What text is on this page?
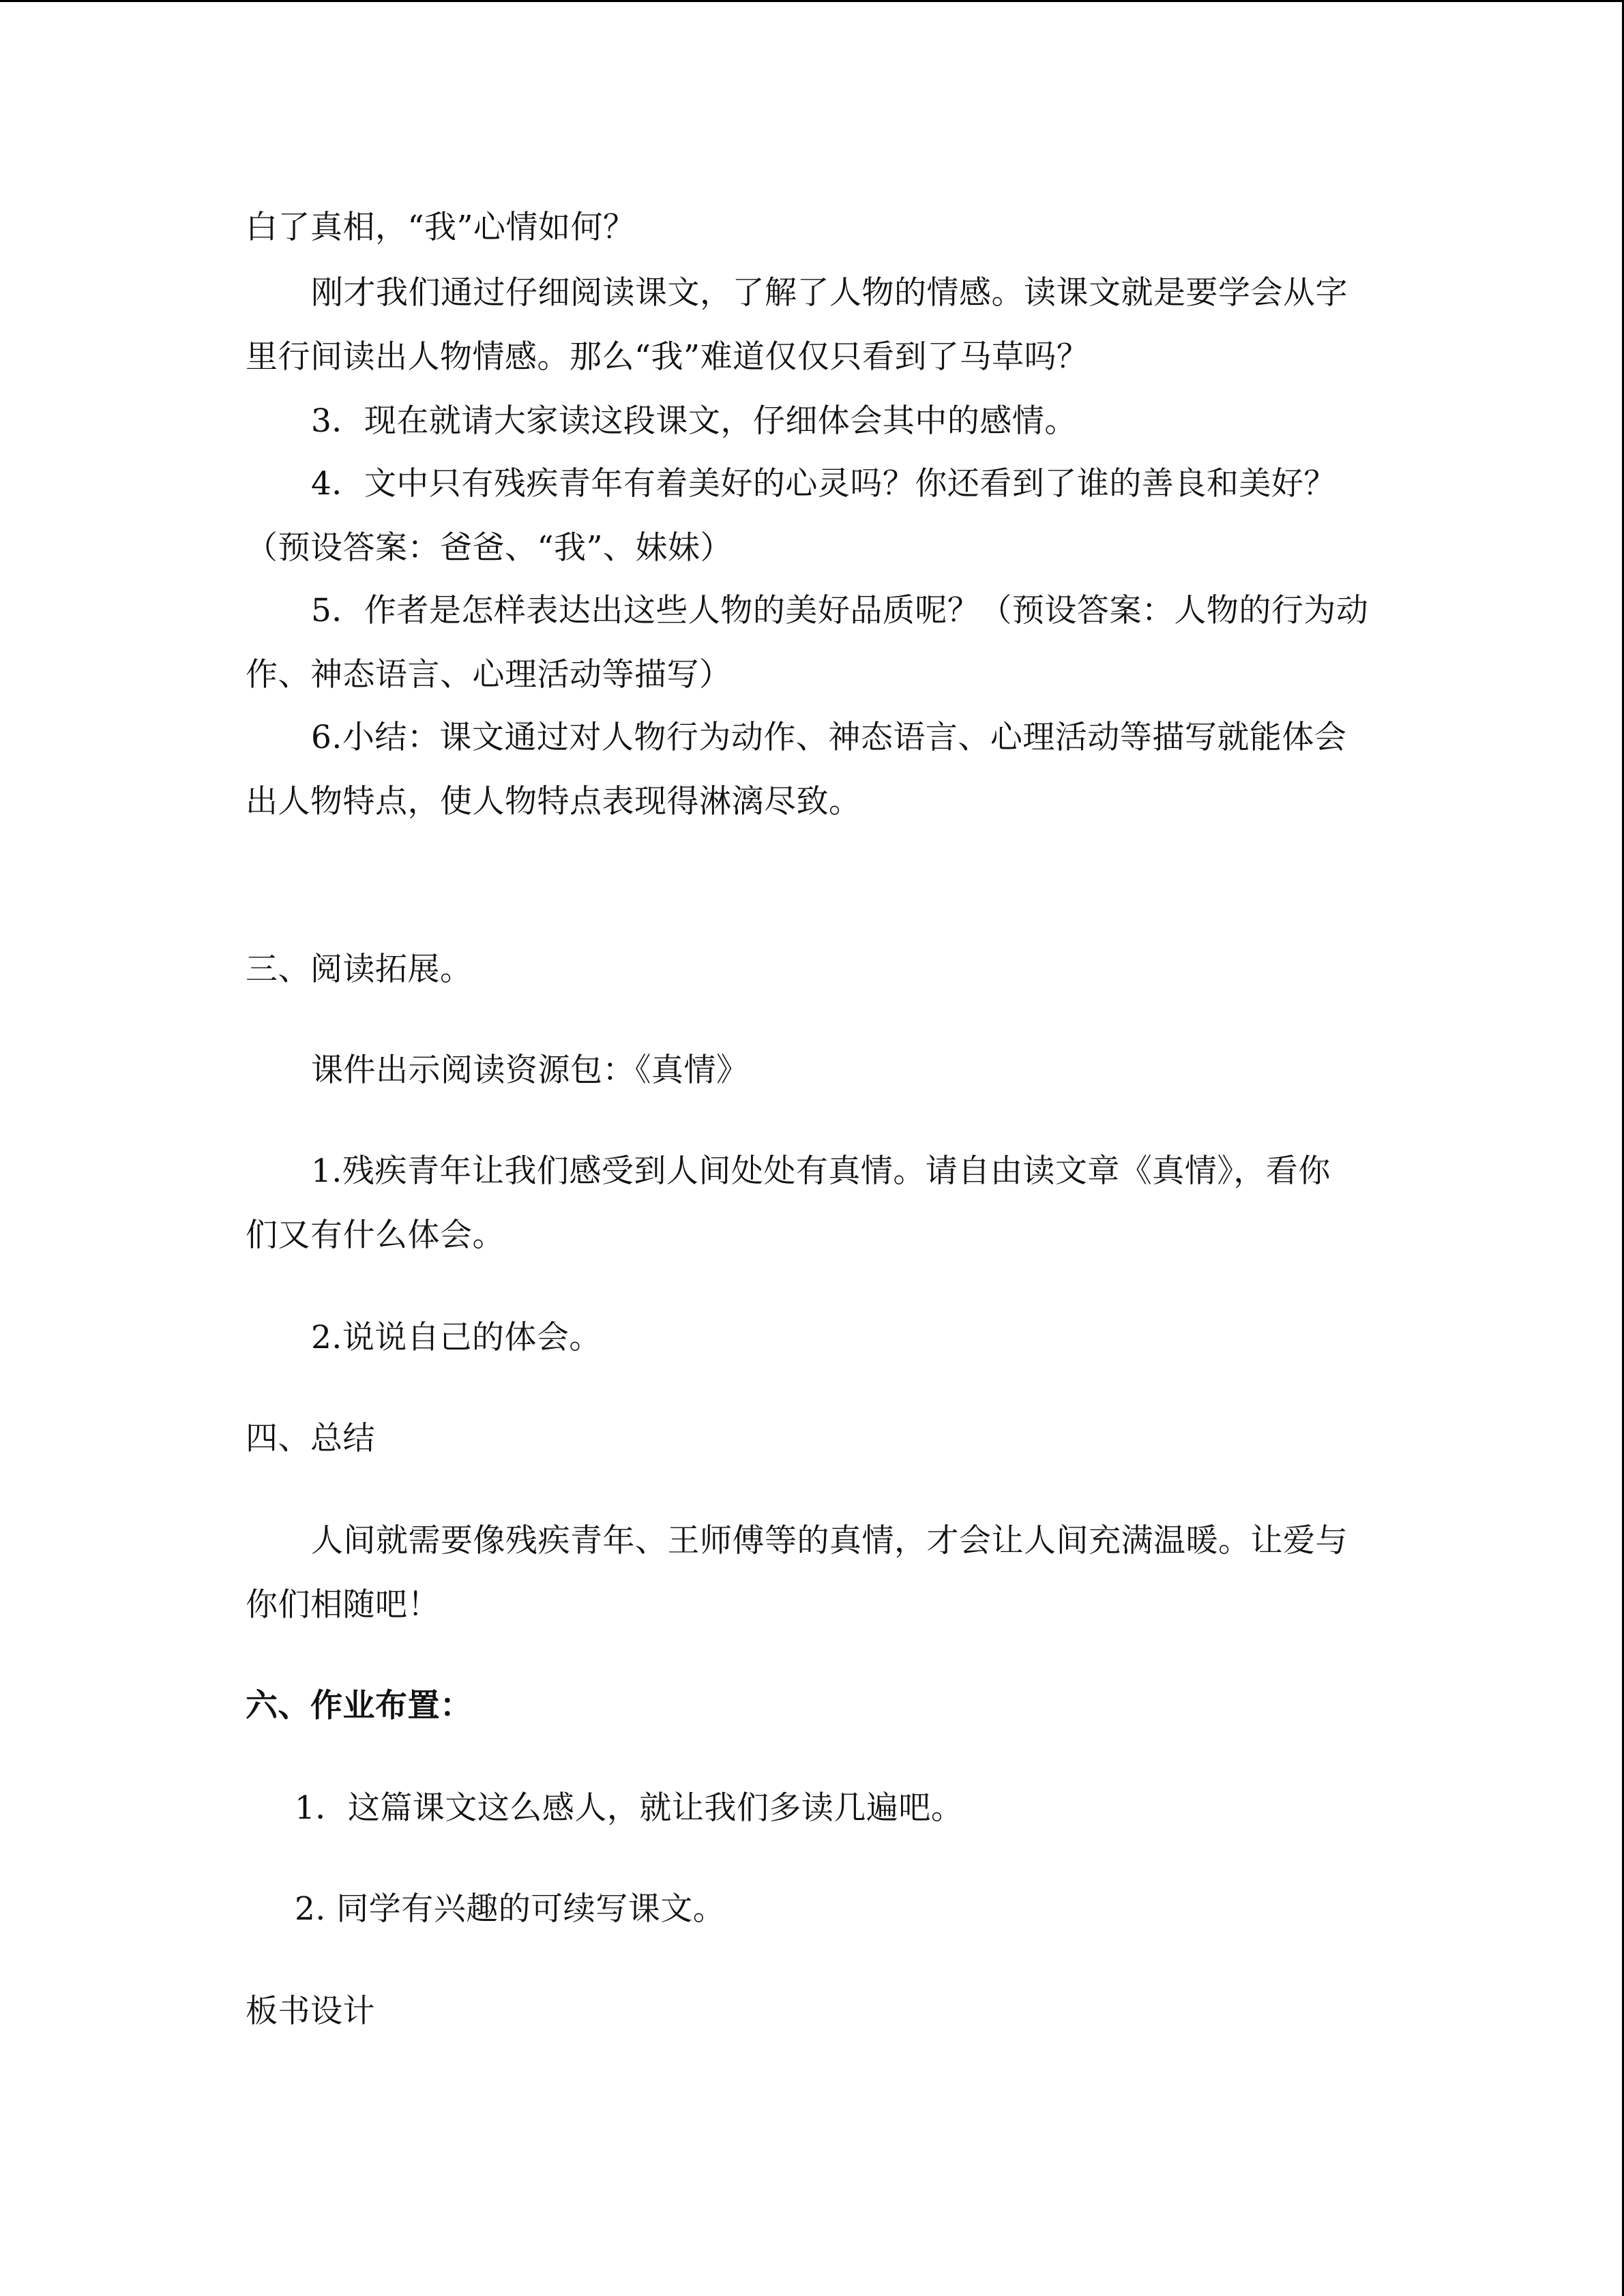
白了真相，“我”心情如何？
刚才我们通过仔细阅读课文，了解了人物的情感。读课文就是要学会从字
里行间读出人物情感。那么“我”难道仅仅只看到了马草吗？
3．现在就请大家读这段课文，仔细体会其中的感情。
4．文中只有残疾青年有着美好的心灵吗？你还看到了谁的善良和美好？
（预设答案：爸爸、“我”、妹妹）
5．作者是怎样表达出这些人物的美好品质呢？（预设答案：人物的行为动
作、神态语言、心理活动等描写）
6.小结：课文通过对人物行为动作、神态语言、心理活动等描写就能体会
出人物特点，使人物特点表现得淋漓尽致。
三、阅读拓展。
课件出示阅读资源包：《真情》
1.残疾青年让我们感受到人间处处有真情。请自由读文章《真情》，看你
们又有什么体会。
2.说说自己的体会。
四、总结
人间就需要像残疾青年、王师傅等的真情，才会让人间充满温暖。让爱与
你们相随吧！
六、作业布置：
1．这篇课文这么感人，就让我们多读几遍吧。
2. 同学有兴趣的可续写课文。
板书设计
